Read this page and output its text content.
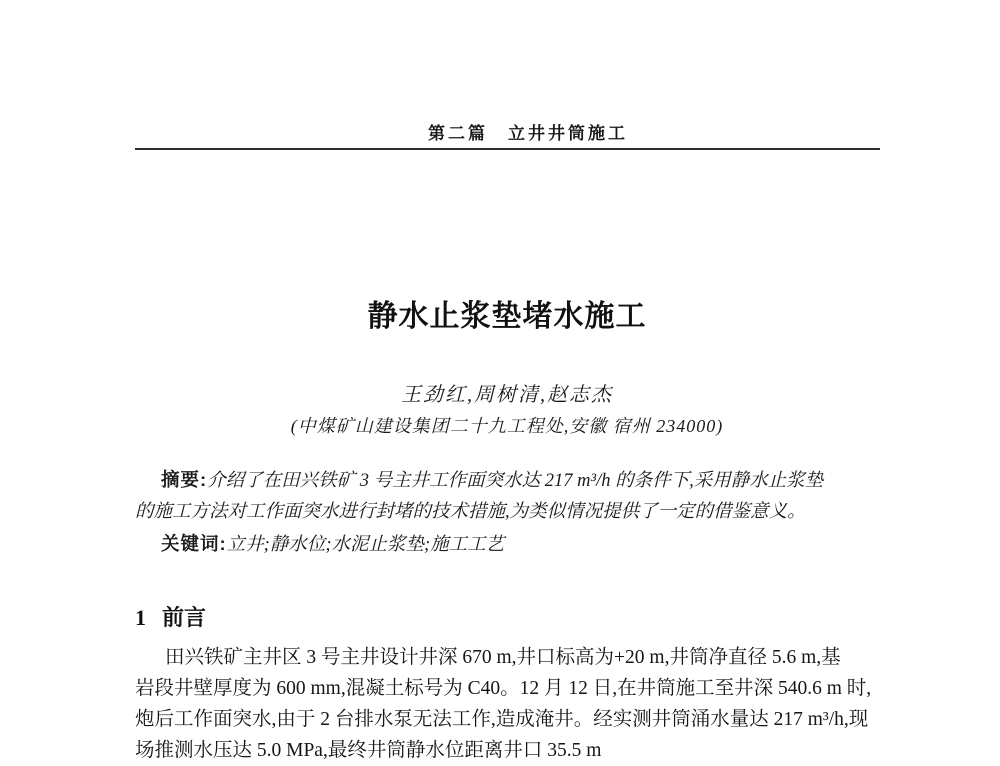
第二篇　立井井筒施工
静水止浆垫堵水施工
王劲红,周树清,赵志杰
(中煤矿山建设集团二十九工程处,安徽 宿州 234000)
摘要:介绍了在田兴铁矿 3 号主井工作面突水达 217 m³/h 的条件下,采用静水止浆垫
的施工方法对工作面突水进行封堵的技术措施,为类似情况提供了一定的借鉴意义。
关键词:立井;静水位;水泥止浆垫;施工工艺
1 前言
田兴铁矿主井区 3 号主井设计井深 670 m,井口标高为+20 m,井筒净直径 5.6 m,基
岩段井壁厚度为 600 mm,混凝土标号为 C40。12 月 12 日,在井筒施工至井深 540.6 m 时,
炮后工作面突水,由于 2 台排水泵无法工作,造成淹井。经实测井筒涌水量达 217 m³/h,现
场推测水压达 5.0 MPa,最终井筒静水位距离井口 35.5 m
